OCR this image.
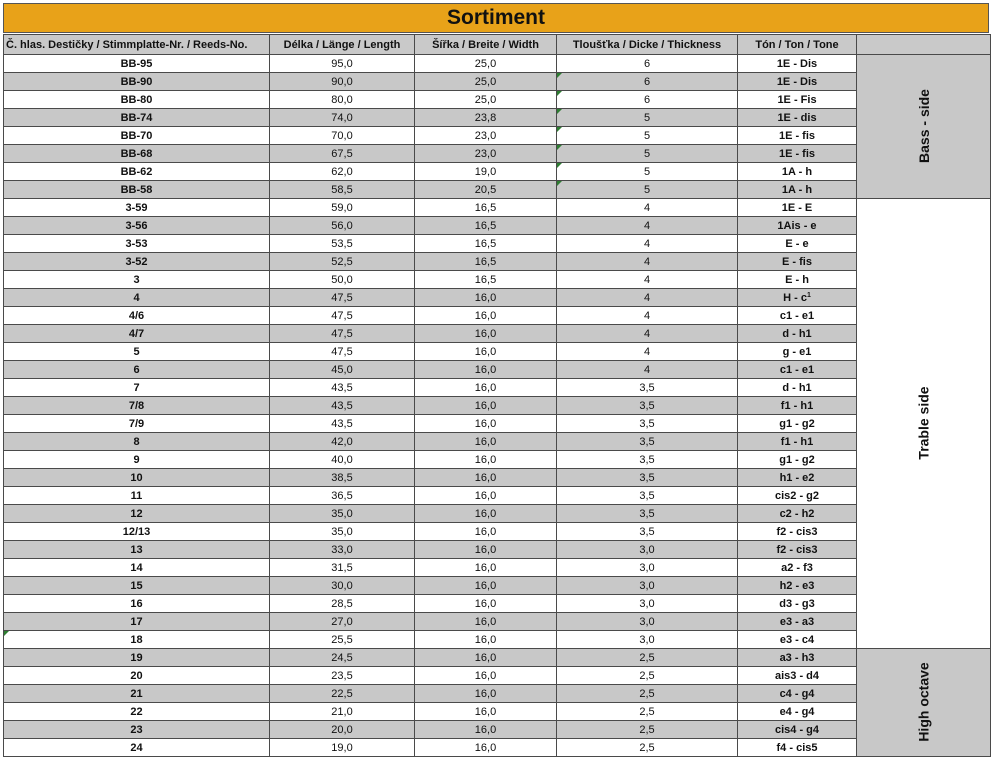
Sortiment
Č. hlas. Destičky / Stimmplatte-Nr. / Reeds-No.	Délka / Länge / Length	Šířka / Breite / Width	Tloušťka / Dicke / Thickness	Tón / Ton / Tone	
BB-95	95,0	25,0	6	1E - Dis	Bass - side
BB-90	90,0	25,0	6	1E - Dis	
BB-80	80,0	25,0	6	1E - Fis	
BB-74	74,0	23,8	5	1E - dis	
BB-70	70,0	23,0	5	1E - fis	
BB-68	67,5	23,0	5	1E - fis	
BB-62	62,0	19,0	5	1A - h	
BB-58	58,5	20,5	5	1A - h	
3-59	59,0	16,5	4	1E - E	Trable side
3-56	56,0	16,5	4	1Ais - e	
3-53	53,5	16,5	4	E - e	
3-52	52,5	16,5	4	E - fis	
3	50,0	16,5	4	E - h	
4	47,5	16,0	4	H - $c^1$
4/6	47,5	16,0	4	c1 - e1	
4/7	47,5	16,0	4	d - h1	
5	47,5	16,0	4	g - e1	
6	45,0	16,0	4	c1 - e1	
7	43,5	16,0	3,5	d - h1	
7/8	43,5	16,0	3,5	f1 - h1	
7/9	43,5	16,0	3,5	g1 - g2	
8	42,0	16,0	3,5	f1 - h1	
9	40,0	16,0	3,5	g1 - g2	
10	38,5	16,0	3,5	h1 - e2	
11	36,5	16,0	3,5	cis2 - g2	
12	35,0	16,0	3,5	c2 - h2	
12/13	35,0	16,0	3,5	f2 - cis3	
13	33,0	16,0	3,0	f2 - cis3	
14	31,5	16,0	3,0	a2 - f3	
15	30,0	16,0	3,0	h2 - e3	
16	28,5	16,0	3,0	d3 - g3	
17	27,0	16,0	3,0	e3 - a3	
18	25,5	16,0	3,0	e3 - c4	
19	24,5	16,0	2,5	a3 - h3	High octave
20	23,5	16,0	2,5	ais3 - d4	
21	22,5	16,0	2,5	c4 - g4	
22	21,0	16,0	2,5	e4 - g4	
23	20,0	16,0	2,5	cis4 - g4	
24	19,0	16,0	2,5	f4 - cis5	
